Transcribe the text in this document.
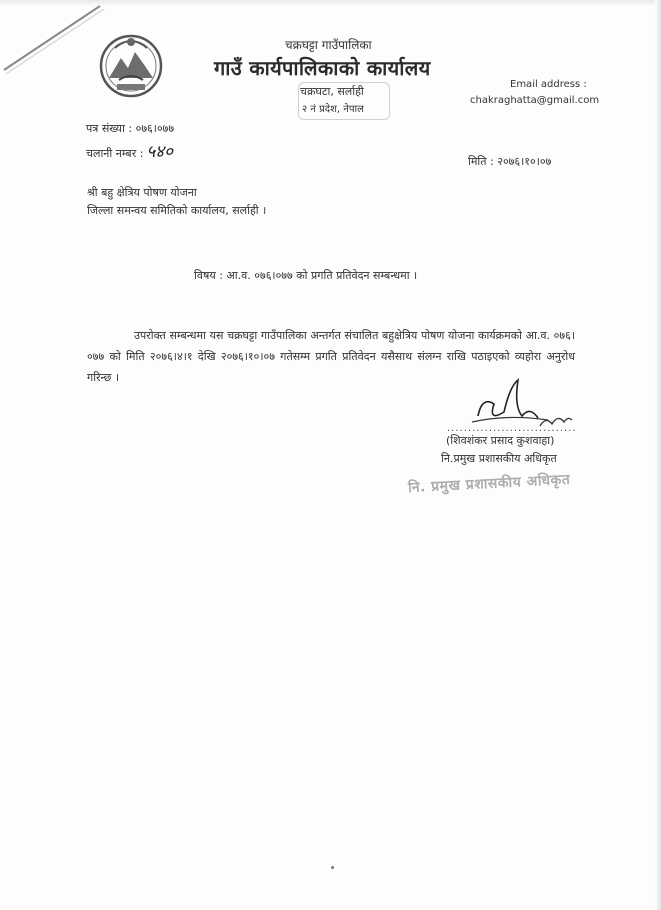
चक्रघट्टा गाउँपालिका
गाउँ कार्यपालिकाको कार्यालय
चक्रघटा, सर्लाही
२ नं प्रदेश, नेपाल
Email address :
chakraghatta@gmail.com
पत्र संख्या : ०७६।०७७
चलानी नम्बर : ५४०	मिति : २०७६।१०।०७
श्री बहु क्षेत्रिय पोषण योजना
जिल्ला समन्वय समितिको कार्यालय, सर्लाही ।
विषय : आ.व. ०७६।०७७ को प्रगति प्रतिवेदन सम्बन्धमा ।
उपरोक्त सम्बन्धमा यस चक्रघट्टा गाउँपालिका अन्तर्गत संचालित बहुक्षेत्रिय पोषण योजना कार्यक्रमको आ.व. ०७६।०७७ को मिति २०७६।४।१ देखि २०७६।१०।०७ गतेसम्म प्रगति प्रतिवेदन यसैसाथ संलग्न राखि पठाइएको व्यहोरा अनुरोध गरिन्छ ।
...............................
(शिवशंकर प्रसाद कुशवाहा)
नि.प्रमुख प्रशासकीय अधिकृत
नि. प्रमुख प्रशासकीय अधिकृत
